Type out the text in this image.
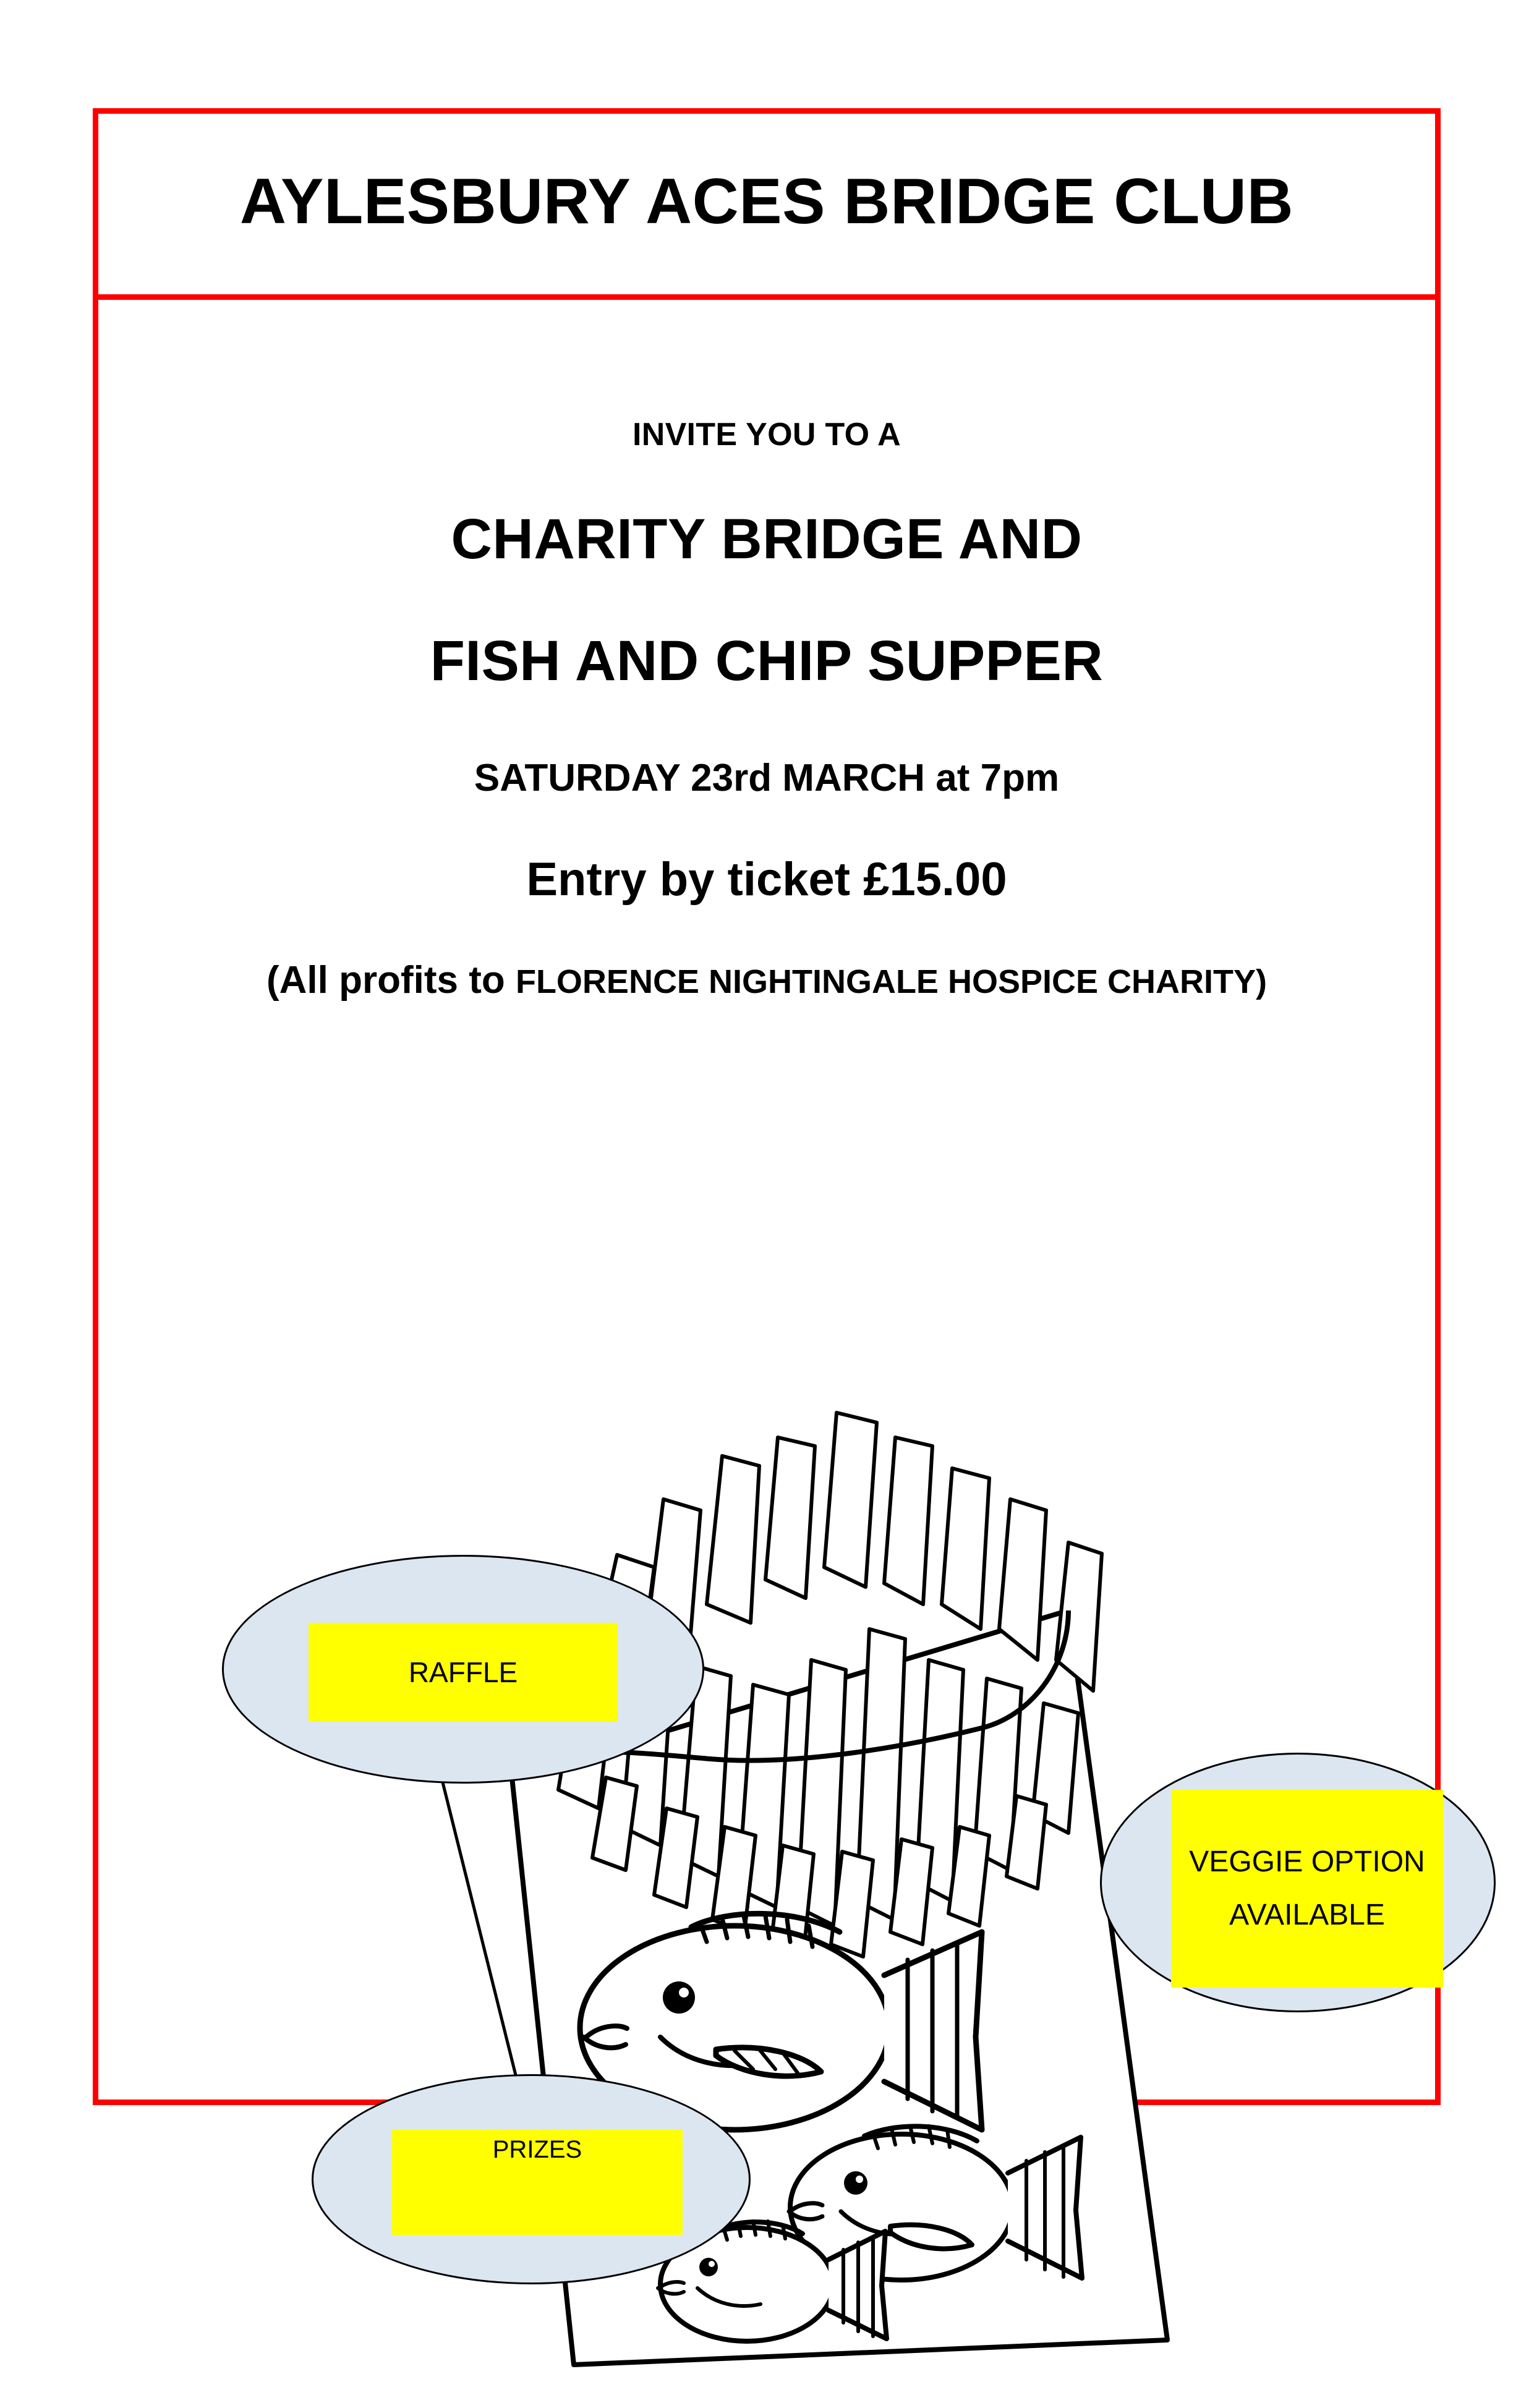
AYLESBURY ACES BRIDGE CLUB
INVITE YOU TO A
CHARITY BRIDGE AND
FISH AND CHIP SUPPER
SATURDAY 23rd MARCH at 7pm
Entry by ticket £15.00
(All profits to FLORENCE NIGHTINGALE HOSPICE CHARITY)
RAFFLE
PRIZES
VEGGIE OPTION
AVAILABLE
